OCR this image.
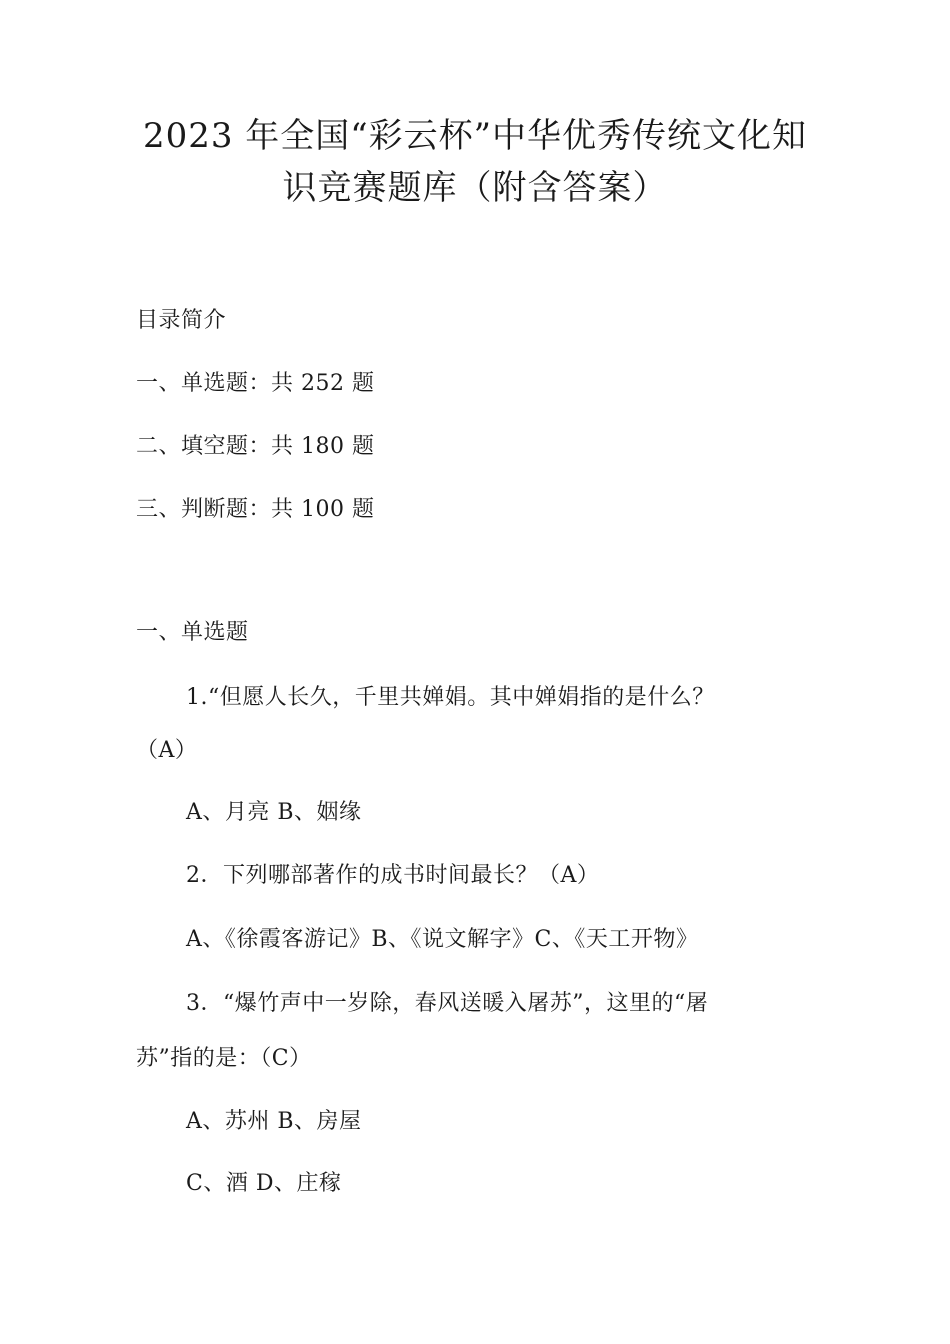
2023 年全国“彩云杯”中华优秀传统文化知
识竞赛题库（附含答案）
目录简介
一、单选题：共 252 题
二、填空题：共 180 题
三、判断题：共 100 题
一、单选题
1.“但愿人长久，千里共婵娟。其中婵娟指的是什么？
（A）
A、月亮 B、姻缘
2．下列哪部著作的成书时间最长？（A）
A、《徐霞客游记》B、《说文解字》C、《天工开物》
3．“爆竹声中一岁除，春风送暖入屠苏”，这里的“屠
苏”指的是：（C）
A、苏州 B、房屋
C、酒 D、庄稼
